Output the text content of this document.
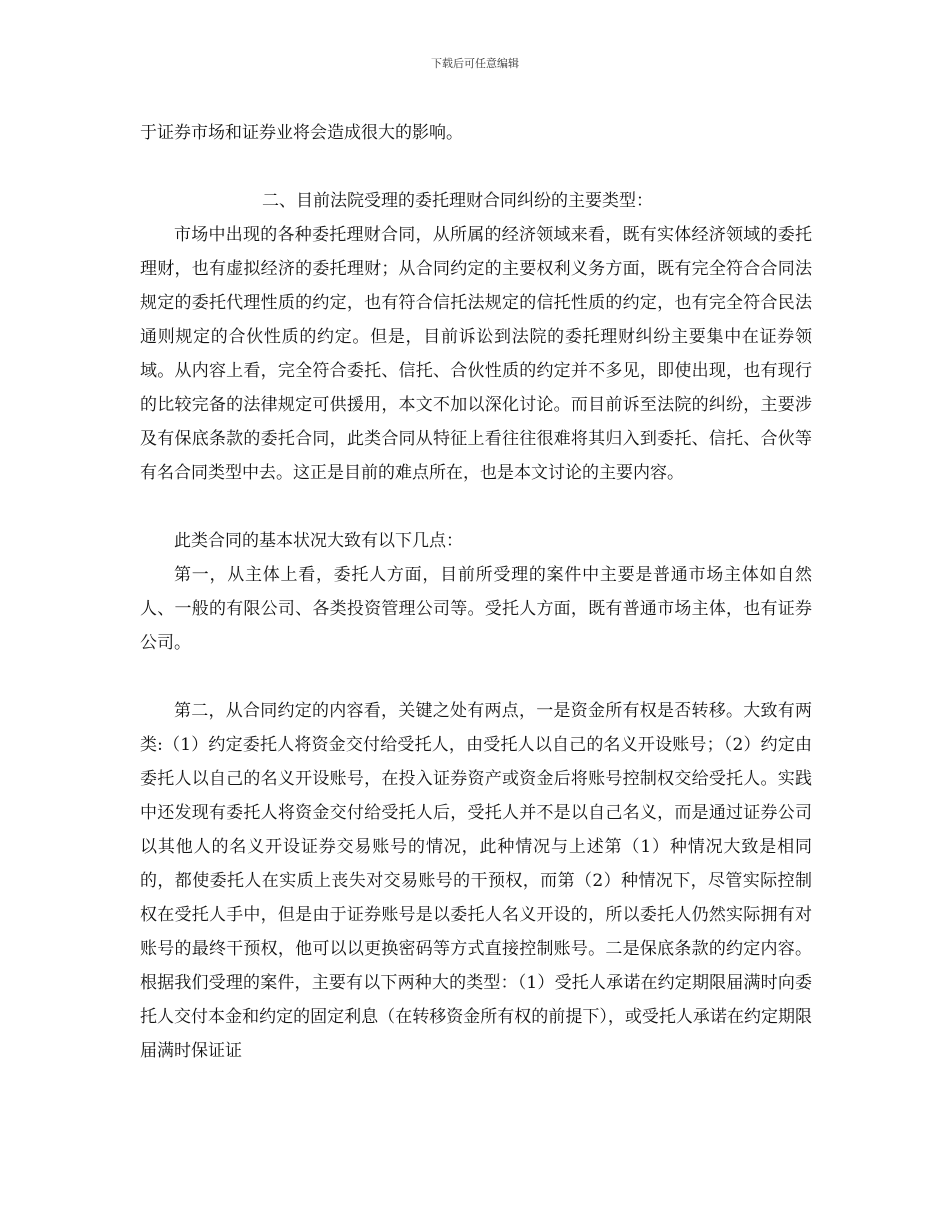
下载后可任意编辑

于证券市场和证券业将会造成很大的影响。

二、目前法院受理的委托理财合同纠纷的主要类型：

市场中出现的各种委托理财合同，从所属的经济领域来看，既有实体经济领域的委托理财，也有虚拟经济的委托理财；从合同约定的主要权利义务方面，既有完全符合合同法规定的委托代理性质的约定，也有符合信托法规定的信托性质的约定，也有完全符合民法通则规定的合伙性质的约定。但是，目前诉讼到法院的委托理财纠纷主要集中在证券领域。从内容上看，完全符合委托、信托、合伙性质的约定并不多见，即使出现，也有现行的比较完备的法律规定可供援用，本文不加以深化讨论。而目前诉至法院的纠纷，主要涉及有保底条款的委托合同，此类合同从特征上看往往很难将其归入到委托、信托、合伙等有名合同类型中去。这正是目前的难点所在，也是本文讨论的主要内容。

此类合同的基本状况大致有以下几点：

第一，从主体上看，委托人方面，目前所受理的案件中主要是普通市场主体如自然人、一般的有限公司、各类投资管理公司等。受托人方面，既有普通市场主体，也有证券公司。

第二，从合同约定的内容看，关键之处有两点，一是资金所有权是否转移。大致有两类:（1）约定委托人将资金交付给受托人，由受托人以自己的名义开设账号；（2）约定由委托人以自己的名义开设账号，在投入证券资产或资金后将账号控制权交给受托人。实践中还发现有委托人将资金交付给受托人后，受托人并不是以自己名义，而是通过证券公司以其他人的名义开设证券交易账号的情况，此种情况与上述第（1）种情况大致是相同的，都使委托人在实质上丧失对交易账号的干预权，而第（2）种情况下，尽管实际控制权在受托人手中，但是由于证券账号是以委托人名义开设的，所以委托人仍然实际拥有对账号的最终干预权，他可以以更换密码等方式直接控制账号。二是保底条款的约定内容。根据我们受理的案件，主要有以下两种大的类型：（1）受托人承诺在约定期限届满时向委托人交付本金和约定的固定利息（在转移资金所有权的前提下），或受托人承诺在约定期限届满时保证证
